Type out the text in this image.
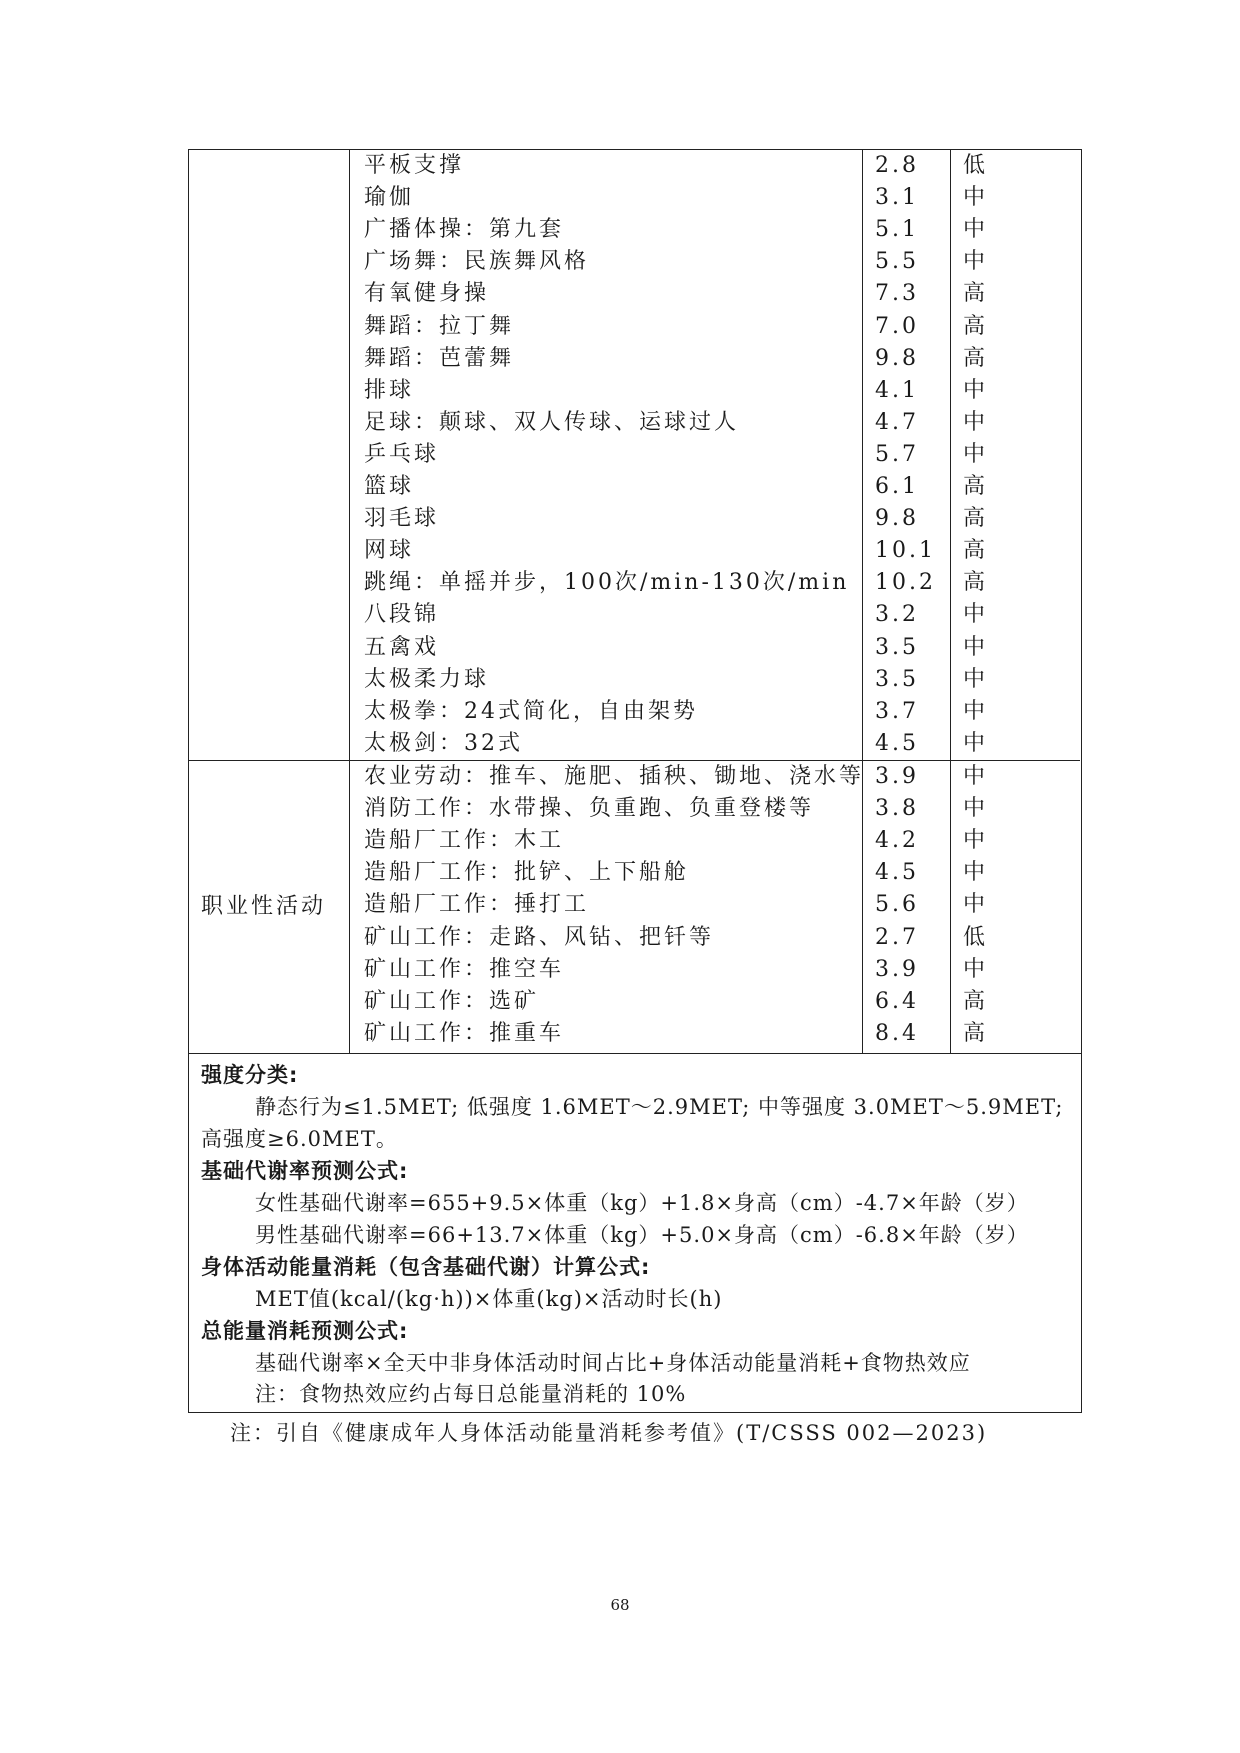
平板支撑	2.8 低
瑜伽	3.1 中
广播体操：第九套	5.1 中
广场舞：民族舞风格	5.5 中
有氧健身操	7.3 高
舞蹈：拉丁舞	7.0 高
舞蹈：芭蕾舞	9.8 高
排球	4.1 中
足球：颠球、双人传球、运球过人	4.7 中
乒乓球	5.7 中
篮球	6.1 高
羽毛球	9.8 高
网球	10.1 高
跳绳：单摇并步，100次/min-130次/min 10.2 高
八段锦	3.2 中
五禽戏	3.5 中
太极柔力球	3.5 中
太极拳：24式简化，自由架势	3.7 中
太极剑：32式	4.5 中
职业性活动
农业劳动：推车、施肥、插秧、锄地、浇水等 3.9 中
消防工作：水带操、负重跑、负重登楼等	3.8 中
造船厂工作：木工	4.2 中
造船厂工作：批铲、上下船舱	4.5 中
造船厂工作：捶打工	5.6 中
矿山工作：走路、风钻、把钎等	2.7 低
矿山工作：推空车	3.9 中
矿山工作：选矿	6.4 高
矿山工作：推重车	8.4 高
强度分类:
静态行为≤1.5MET; 低强度 1.6MET～2.9MET; 中等强度 3.0MET～5.9MET;
高强度≥6.0MET。
基础代谢率预测公式:
女性基础代谢率=655+9.5×体重（kg）+1.8×身高（cm）-4.7×年龄（岁）
男性基础代谢率=66+13.7×体重（kg）+5.0×身高（cm）-6.8×年龄（岁）
身体活动能量消耗（包含基础代谢）计算公式:
MET值(kcal/(kg·h))×体重(kg)×活动时长(h)
总能量消耗预测公式:
基础代谢率×全天中非身体活动时间占比+身体活动能量消耗+食物热效应
注：食物热效应约占每日总能量消耗的 10%
注：引自《健康成年人身体活动能量消耗参考值》(T/CSSS 002—2023)
68
